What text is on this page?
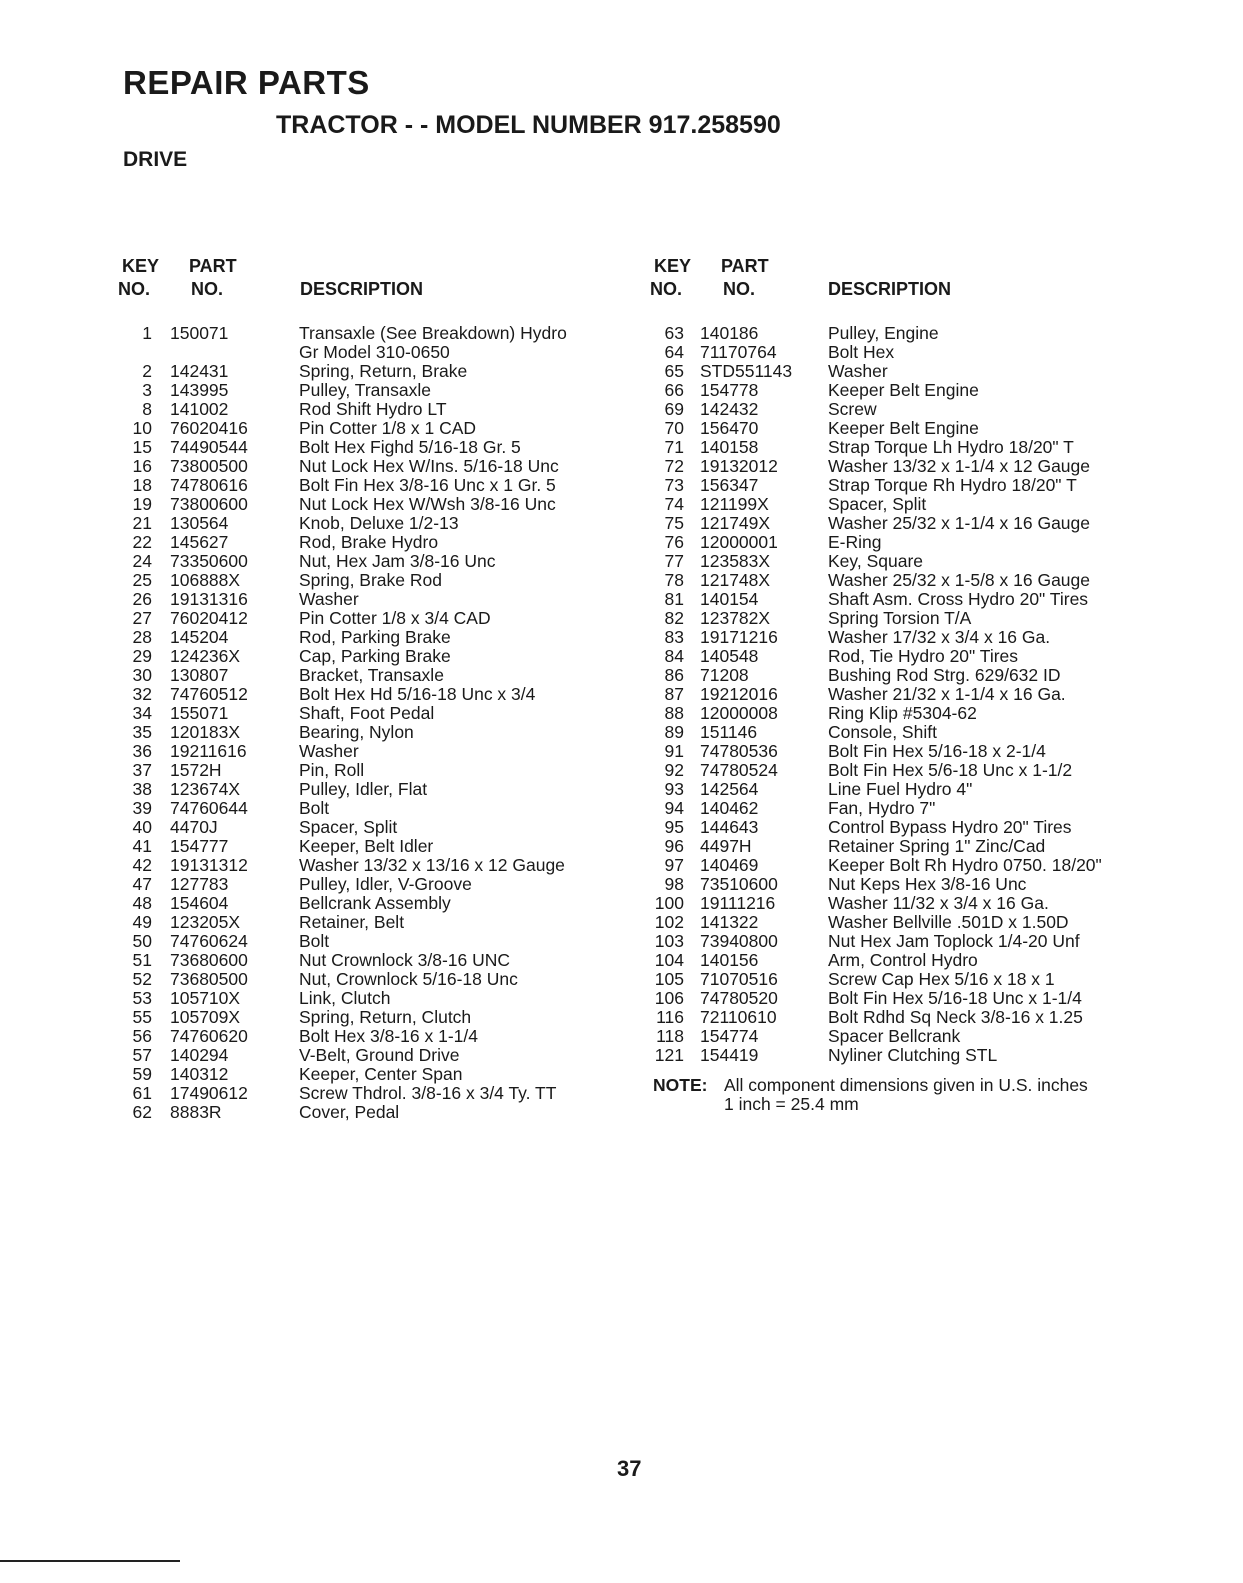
REPAIR PARTS
TRACTOR - - MODEL NUMBER 917.258590
DRIVE
KEY
NO.
PART
NO.	DESCRIPTION
1 150071	Transaxle (See Breakdown) Hydro
Gr Model 310-0650
2 142431	Spring, Return, Brake
3 143995	Pulley, Transaxle
8 141002	Rod Shift Hydro LT
10 76020416	Pin Cotter 1/8 x 1 CAD
15 74490544	Bolt Hex Fighd 5/16-18 Gr. 5
16 73800500	Nut Lock Hex W/Ins. 5/16-18 Unc
18 74780616	Bolt Fin Hex 3/8-16 Unc x 1 Gr. 5
19 73800600	Nut Lock Hex W/Wsh 3/8-16 Unc
21 130564	Knob, Deluxe 1/2-13
22 145627	Rod, Brake Hydro
24 73350600	Nut, Hex Jam 3/8-16 Unc
25 106888X	Spring, Brake Rod
26 19131316	Washer
27 76020412	Pin Cotter 1/8 x 3/4 CAD
28 145204	Rod, Parking Brake
29 124236X	Cap, Parking Brake
30 130807	Bracket, Transaxle
32 74760512	Bolt Hex Hd 5/16-18 Unc x 3/4
34 155071	Shaft, Foot Pedal
35 120183X	Bearing, Nylon
36 19211616	Washer
37 1572H	Pin, Roll
38 123674X	Pulley, Idler, Flat
39 74760644	Bolt
40 4470J	Spacer, Split
41 154777	Keeper, Belt Idler
42 19131312	Washer 13/32 x 13/16 x 12 Gauge
47 127783	Pulley, Idler, V-Groove
48 154604	Bellcrank Assembly
49 123205X	Retainer, Belt
50 74760624	Bolt
51 73680600	Nut Crownlock 3/8-16 UNC
52 73680500	Nut, Crownlock 5/16-18 Unc
53 105710X	Link, Clutch
55 105709X	Spring, Return, Clutch
56 74760620	Bolt Hex 3/8-16 x 1-1/4
57 140294	V-Belt, Ground Drive
59 140312	Keeper, Center Span
61 17490612	Screw Thdrol. 3/8-16 x 3/4 Ty. TT
62 8883R	Cover, Pedal
KEY
NO.
PART
NO.	DESCRIPTION
63 140186	Pulley, Engine
64 71170764	Bolt Hex
65 STD551143 Washer
66 154778	Keeper Belt Engine
69 142432	Screw
70 156470	Keeper Belt Engine
71 140158	Strap Torque Lh Hydro 18/20" T
72 19132012	Washer 13/32 x 1-1/4 x 12 Gauge
73 156347	Strap Torque Rh Hydro 18/20" T
74 121199X	Spacer, Split
75 121749X	Washer 25/32 x 1-1/4 x 16 Gauge
76 12000001	E-Ring
77 123583X	Key, Square
78 121748X	Washer 25/32 x 1-5/8 x 16 Gauge
81 140154	Shaft Asm. Cross Hydro 20" Tires
82 123782X	Spring Torsion T/A
83 19171216	Washer 17/32 x 3/4 x 16 Ga.
84 140548	Rod, Tie Hydro 20" Tires
86 71208	Bushing Rod Strg. 629/632 ID
87 19212016	Washer 21/32 x 1-1/4 x 16 Ga.
88 12000008	Ring Klip #5304-62
89 151146	Console, Shift
91 74780536	Bolt Fin Hex 5/16-18 x 2-1/4
92 74780524	Bolt Fin Hex 5/6-18 Unc x 1-1/2
93 142564	Line Fuel Hydro 4"
94 140462	Fan, Hydro 7"
95 144643	Control Bypass Hydro 20" Tires
96 4497H	Retainer Spring 1" Zinc/Cad
97 140469	Keeper Bolt Rh Hydro 0750. 18/20"
98 73510600	Nut Keps Hex 3/8-16 Unc
100 19111216	Washer 11/32 x 3/4 x 16 Ga.
102 141322	Washer Bellville .501D x 1.50D
103 73940800	Nut Hex Jam Toplock 1/4-20 Unf
104 140156	Arm, Control Hydro
105 71070516	Screw Cap Hex 5/16 x 18 x 1
106 74780520	Bolt Fin Hex 5/16-18 Unc x 1-1/4
116 72110610	Bolt Rdhd Sq Neck 3/8-16 x 1.25
118 154774	Spacer Bellcrank
121 154419	Nyliner Clutching STL
NOTE: All component dimensions given in U.S. inches
1 inch = 25.4 mm
37
